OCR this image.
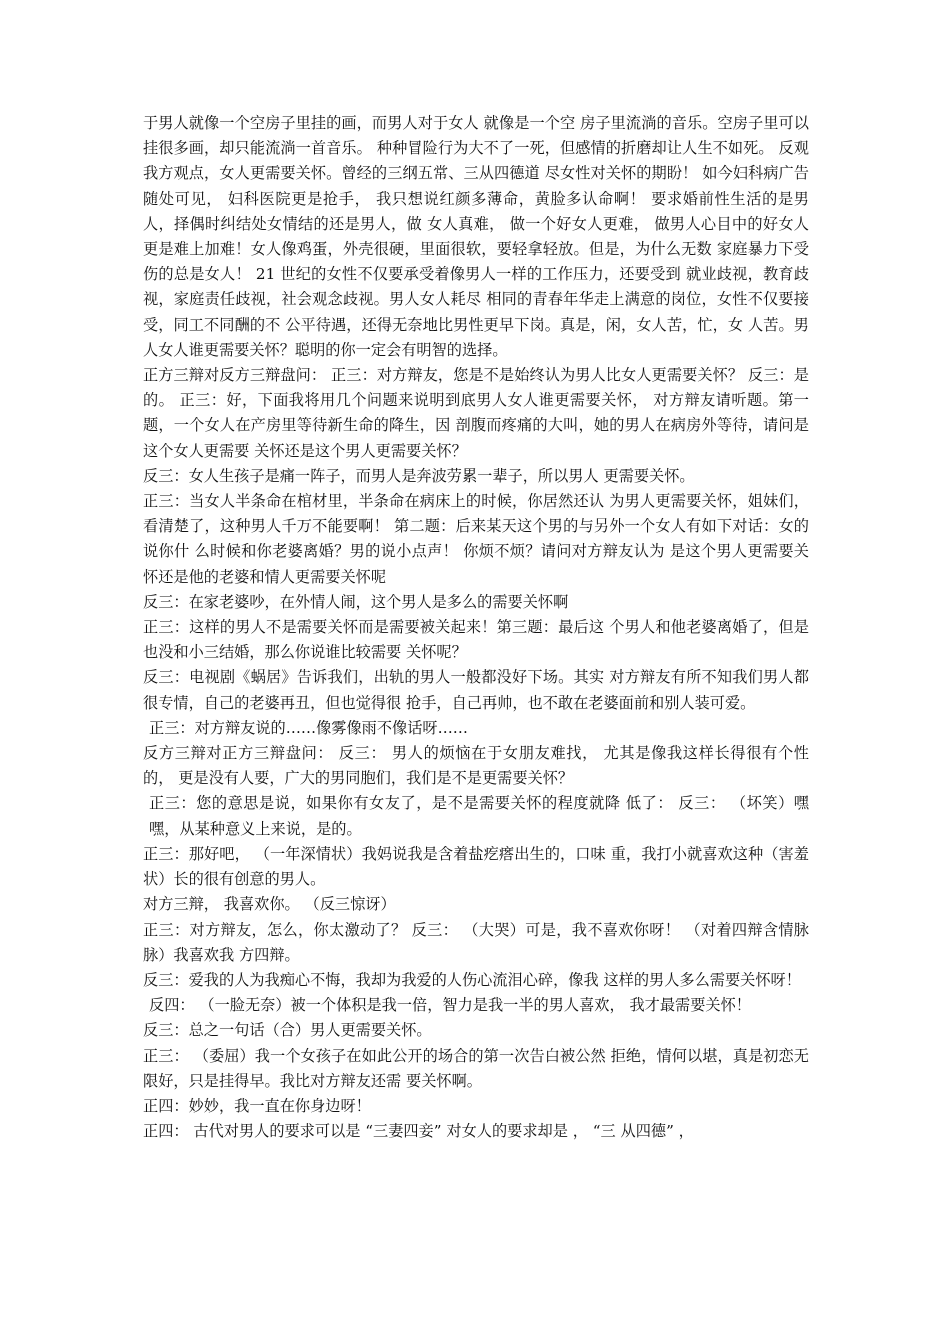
于男人就像一个空房子里挂的画，而男人对于女人 就像是一个空 房子里流淌的音乐。空房子里可以挂很多画，却只能流淌一首音乐。 种种冒险行为大不了一死，但感情的折磨却让人生不如死。 反观我方观点，女人更需要关怀。曾经的三纲五常、三从四德道 尽女性对关怀的期盼！ 如今妇科病广告随处可见， 妇科医院更是抢手， 我只想说红颜多薄命，黄脸多认命啊！ 要求婚前性生活的是男人，择偶时纠结处女情结的还是男人，做 女人真难， 做一个好女人更难， 做男人心目中的好女人更是难上加难！女人像鸡蛋，外壳很硬，里面很软，要轻拿轻放。但是，为什么无数 家庭暴力下受伤的总是女人！ 21 世纪的女性不仅要承受着像男人一样的工作压力，还要受到 就业歧视，教育歧视，家庭责任歧视，社会观念歧视。男人女人耗尽 相同的青春年华走上满意的岗位，女性不仅要接受，同工不同酬的不 公平待遇，还得无奈地比男性更早下岗。真是，闲，女人苦，忙，女 人苦。男人女人谁更需要关怀？聪明的你一定会有明智的选择。

正方三辩对反方三辩盘问： 正三：对方辩友，您是不是始终认为男人比女人更需要关怀？ 反三：是的。 正三：好，下面我将用几个问题来说明到底男人女人谁更需要关怀， 对方辩友请听题。第一题，一个女人在产房里等待新生命的降生，因 剖腹而疼痛的大叫，她的男人在病房外等待，请问是这个女人更需要 关怀还是这个男人更需要关怀？

反三：女人生孩子是痛一阵子，而男人是奔波劳累一辈子，所以男人 更需要关怀。

正三：当女人半条命在棺材里，半条命在病床上的时候，你居然还认 为男人更需要关怀，姐妹们，看清楚了，这种男人千万不能要啊！ 第二题：后来某天这个男的与另外一个女人有如下对话：女的说你什 么时候和你老婆离婚？男的说小点声！ 你烦不烦？请问对方辩友认为 是这个男人更需要关怀还是他的老婆和情人更需要关怀呢

反三：在家老婆吵，在外情人闹，这个男人是多么的需要关怀啊

正三：这样的男人不是需要关怀而是需要被关起来！第三题：最后这 个男人和他老婆离婚了，但是也没和小三结婚，那么你说谁比较需要 关怀呢？

反三：电视剧《蜗居》告诉我们，出轨的男人一般都没好下场。其实 对方辩友有所不知我们男人都很专情，自己的老婆再丑，但也觉得很 抢手，自己再帅，也不敢在老婆面前和别人装可爱。

正三：对方辩友说的……像雾像雨不像话呀……

反方三辩对正方三辩盘问： 反三： 男人的烦恼在于女朋友难找， 尤其是像我这样长得很有个性的， 更是没有人要，广大的男同胞们，我们是不是更需要关怀？

正三：您的意思是说，如果你有女友了，是不是需要关怀的程度就降 低了： 反三： （坏笑）嘿嘿，从某种意义上来说，是的。

正三：那好吧， （一年深情状）我妈说我是含着盐疙瘩出生的，口味 重，我打小就喜欢这种（害羞状）长的很有创意的男人。

对方三辩， 我喜欢你。 （反三惊讶）

正三：对方辩友，怎么，你太激动了？ 反三： （大哭）可是，我不喜欢你呀！ （对着四辩含情脉脉）我喜欢我 方四辩。

反三：爱我的人为我痴心不悔，我却为我爱的人伤心流泪心碎，像我 这样的男人多么需要关怀呀！

反四： （一脸无奈）被一个体积是我一倍，智力是我一半的男人喜欢， 我才最需要关怀！

反三：总之一句话（合）男人更需要关怀。

正三： （委屈）我一个女孩子在如此公开的场合的第一次告白被公然 拒绝，情何以堪，真是初恋无限好，只是挂得早。我比对方辩友还需 要关怀啊。

正四：妙妙，我一直在你身边呀！

正四： 古代对男人的要求可以是 “三妻四妾” 对女人的要求却是 ， “三 从四德” ，
